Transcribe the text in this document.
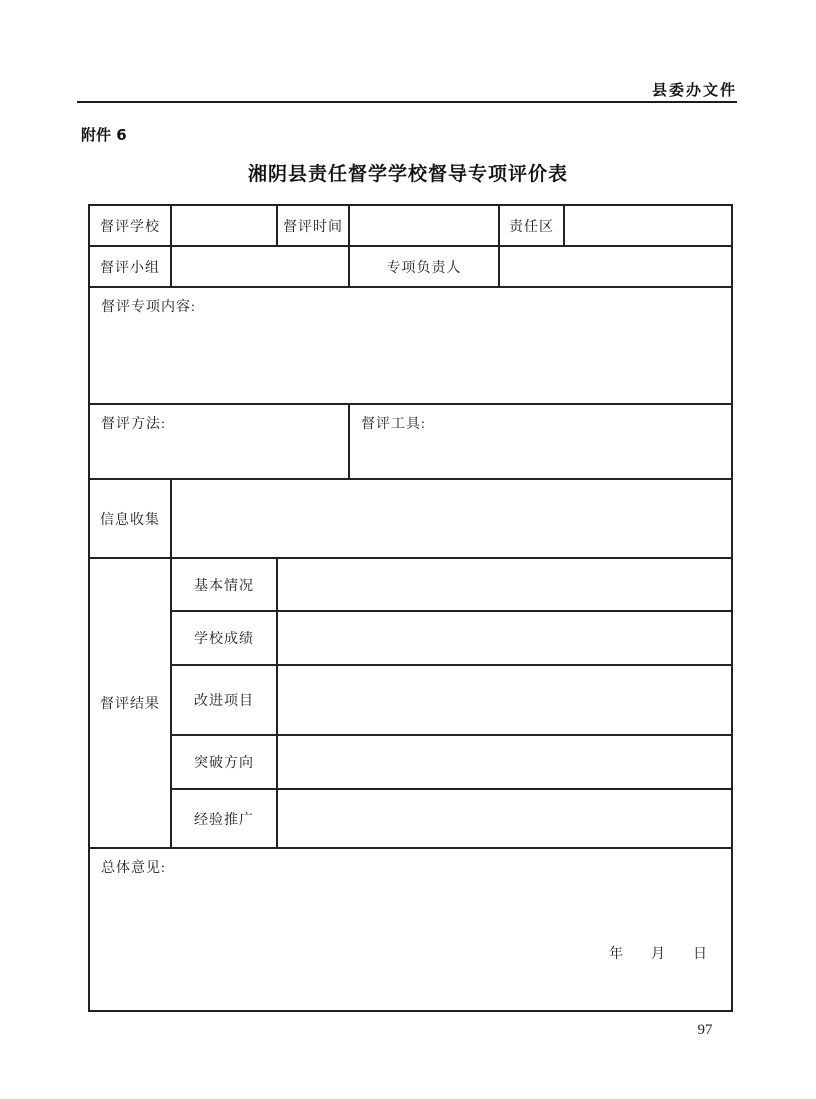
县委办文件
附件 6
湘阴县责任督学学校督导专项评价表
督评学校		督评时间		责任区	
督评小组			专项负责人		
督评专项内容:					
督评方法:			督评工具:		
信息收集					
督评结果	基本情况				
	学校成绩				
	改进项目				
	突破方向				
	经验推广				

总体意见:
年 月 日					
97
